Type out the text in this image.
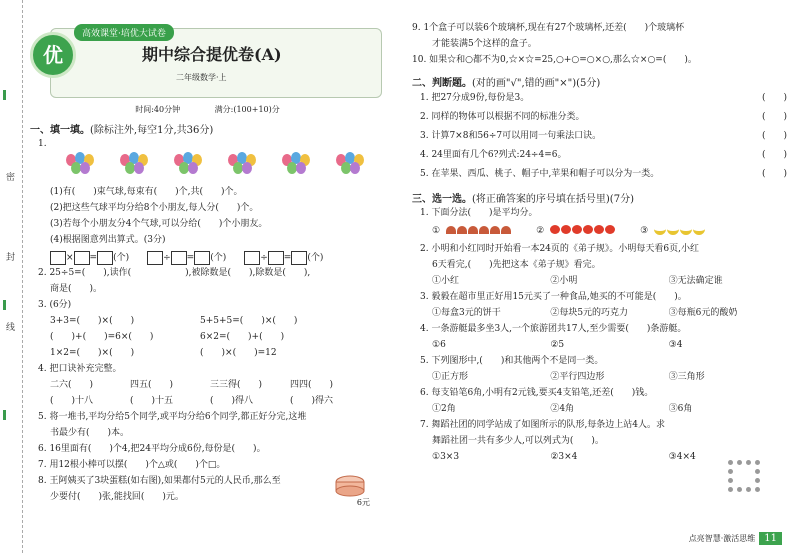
密
封
线
优
高效课堂·培优大试卷
期中综合提优卷(A)
二年级数学·上
时间:40分钟	满分:(100+10)分
一、填一填。(除标注外,每空1分,共36分)
1.
(1)有(　　)束气球,每束有(　　)个,共(　　)个。
(2)把这些气球平均分给8个小朋友,每人分(　　)个。
(3)若每个小朋友分4个气球,可以分给(　　)个小朋友。
(4)根据图意列出算式。(3分)
× = (个)	÷ = (个)	÷ = (个)
2. 25÷5=(　　),读作(　　　　　　),被除数是(　　),除数是(　　),
商是(　　)。
3. (6分)
3+3=(　　)×(　　)	5+5+5=(　　)×(　　)
(　　)+(　　)=6×(　　)	6×2=(　　)+(　　)
1×2=(　　)×(　　)	(　　)×(　　)=12
4. 把口诀补充完整。
二六(　　)	四五(　　)	三三得(　　)	四四(　　)
(　　)十八	(　　)十五	(　　)得八	(　　)得六
5. 将一堆书,平均分给5个同学,或平均分给6个同学,都正好分完,这堆
书最少有(　　)本。
6. 16里面有(　　)个4,把24平均分成6份,每份是(　　)。
7. 用12根小棒可以摆(　　)个△或(　　)个□。
8. 王阿姨买了3块蛋糕(如右图),如果都付5元的人民币,那么至
少要付(　　)张,能找回(　　)元。
6元
9. 1个盒子可以装6个玻璃杯,现在有27个玻璃杯,还差(　　)个玻璃杯
才能装满5个这样的盒子。
10. 如果☆和○都不为0,☆×☆=25,○+○=○×○,那么☆×○=(　　)。
二、判断题。(对的画"√",错的画"×")(5分)
1. 把27分成9份,每份是3。	(　　)
2. 同样的物体可以根据不同的标准分类。	(　　)
3. 计算7×8和56÷7可以用同一句乘法口诀。	(　　)
4. 24里面有几个6?列式:24÷4=6。	(　　)
5. 在苹果、西瓜、桃子、帽子中,苹果和帽子可以分为一类。	(　　)
三、选一选。(将正确答案的序号填在括号里)(7分)
1. 下面分法(　　)是平均分。
①	②	③
2. 小明和小红同时开始看一本24页的《弟子规》。小明每天看6页,小红
6天看完,(　　)先把这本《弟子规》看完。
①小红	②小明	③无法确定谁
3. 毅毅在超市里正好用15元买了一种食品,她买的不可能是(　　)。
①每盒3元的饼干	②每块5元的巧克力	③每瓶6元的酸奶
4. 一条游艇最多坐3人,一个旅游团共17人,至少需要(　　)条游艇。
①6	②5	③4
5. 下列图形中,(　　)和其他两个不是同一类。
①正方形	②平行四边形	③三角形
6. 每支铅笔6角,小明有2元钱,要买4支铅笔,还差(　　)钱。
①2角	②4角	③6角
7. 舞蹈社团的同学站成了如图所示的队形,每条边上站4人。求
舞蹈社团一共有多少人,可以列式为(　　)。
①3×3	②3×4	③4×4
点亮智慧·激活思维 11
